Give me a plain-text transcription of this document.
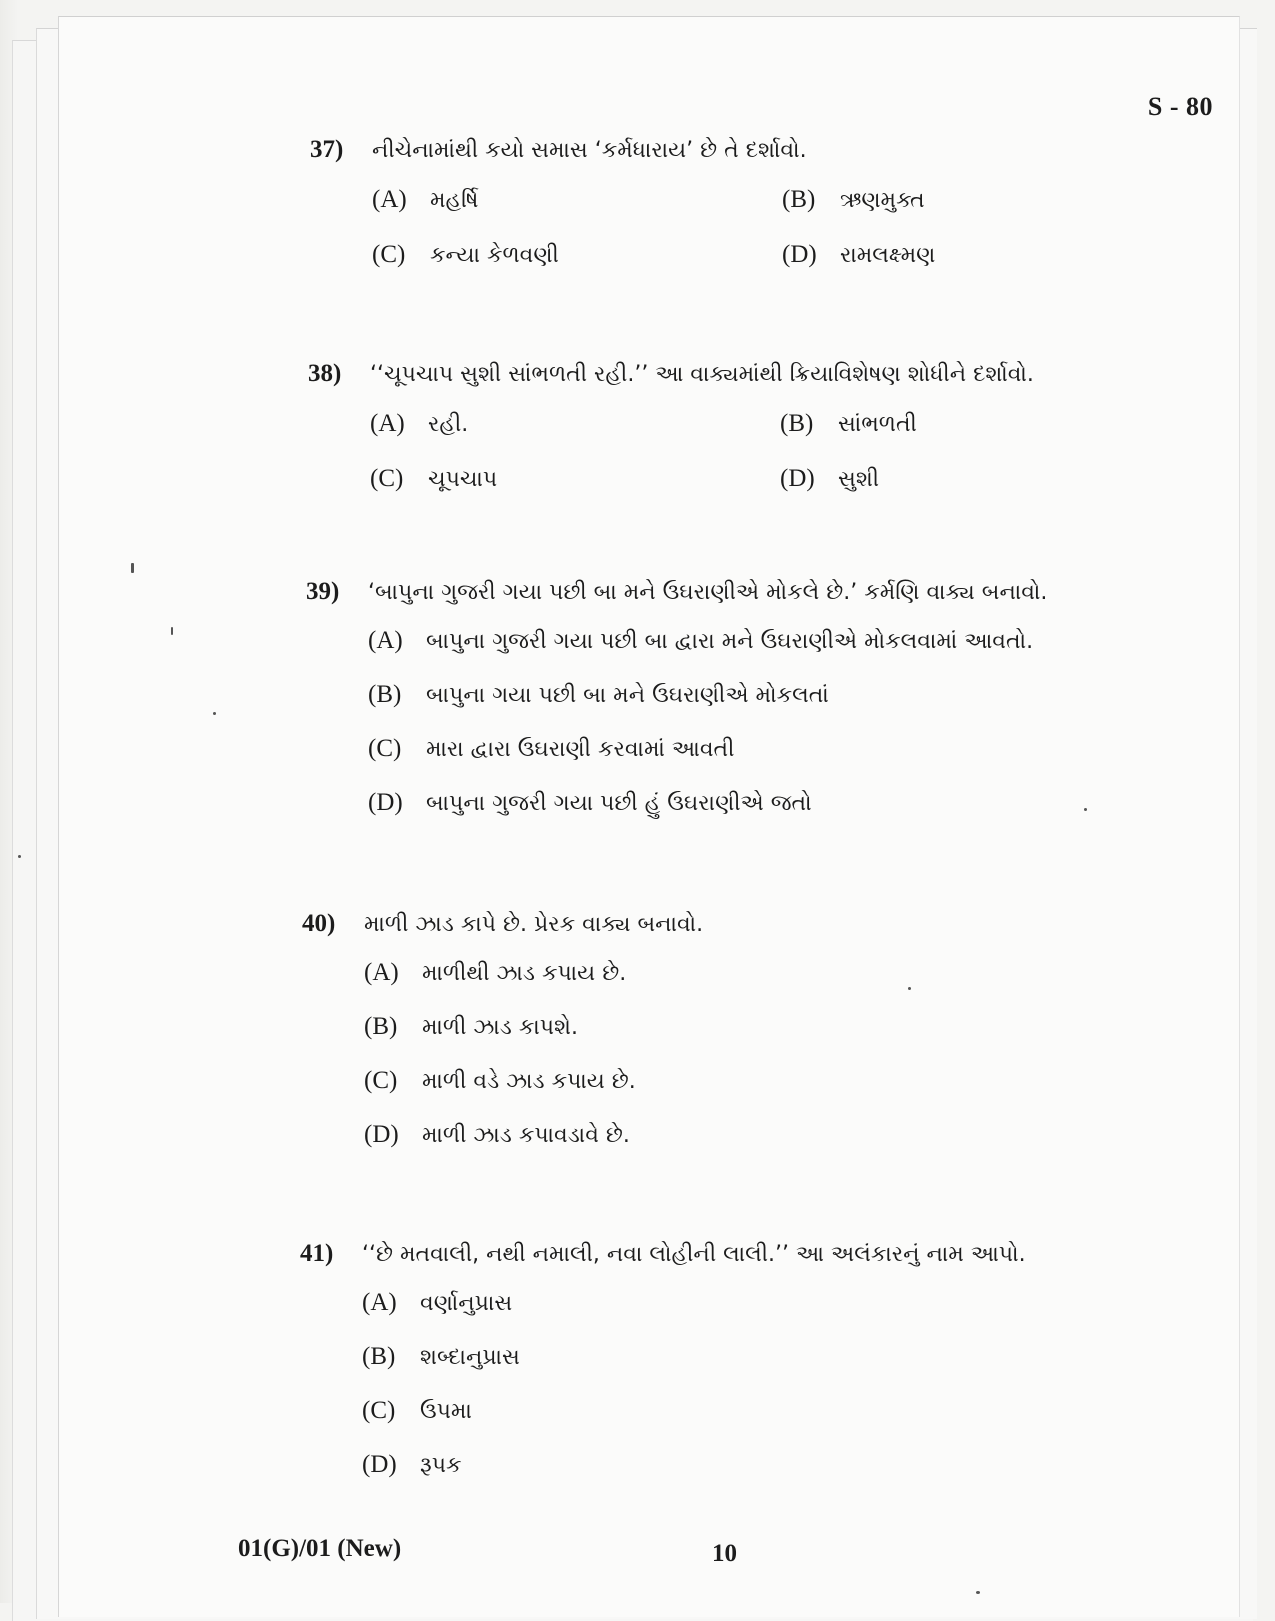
S - 80
37)	નીચેનામાંથી કયો સમાસ ‘કર્મધારાય’ છે તે દર્શાવો.
(A)	મહર્ષિ	(B)	ઋણમુક્ત
(C)	કન્યા કેળવણી	(D)	રામલક્ષ્મણ
38)	‘‘ચૂપચાપ સુશી સાંભળતી રહી.’’ આ વાક્યમાંથી ક્રિયાવિશેષણ શોધીને દર્શાવો.
(A)	રહી.	(B)	સાંભળતી
(C)	ચૂપચાપ	(D)	સુશી
39)	‘બાપુના ગુજરી ગયા પછી બા મને ઉઘરાણીએ મોકલે છે.’ કર્મણિ વાક્ય બનાવો.
(A)	બાપુના ગુજરી ગયા પછી બા દ્વારા મને ઉઘરાણીએ મોકલવામાં આવતો.
(B)	બાપુના ગયા પછી બા મને ઉઘરાણીએ મોકલતાં
(C)	મારા દ્વારા ઉઘરાણી કરવામાં આવતી
(D)	બાપુના ગુજરી ગયા પછી હું ઉઘરાણીએ જતો
40)	માળી ઝાડ કાપે છે. પ્રેરક વાક્ય બનાવો.
(A)	માળીથી ઝાડ કપાય છે.
(B)	માળી ઝાડ કાપશે.
(C)	માળી વડે ઝાડ કપાય છે.
(D)	માળી ઝાડ કપાવડાવે છે.
41)	‘‘છે મતવાલી, નથી નમાલી, નવા લોહીની લાલી.’’ આ અલંકારનું નામ આપો.
(A)	વર્ણાનુપ્રાસ
(B)	શબ્દાનુપ્રાસ
(C)	ઉપમા
(D)	રૂપક
01(G)/01 (New)	10
